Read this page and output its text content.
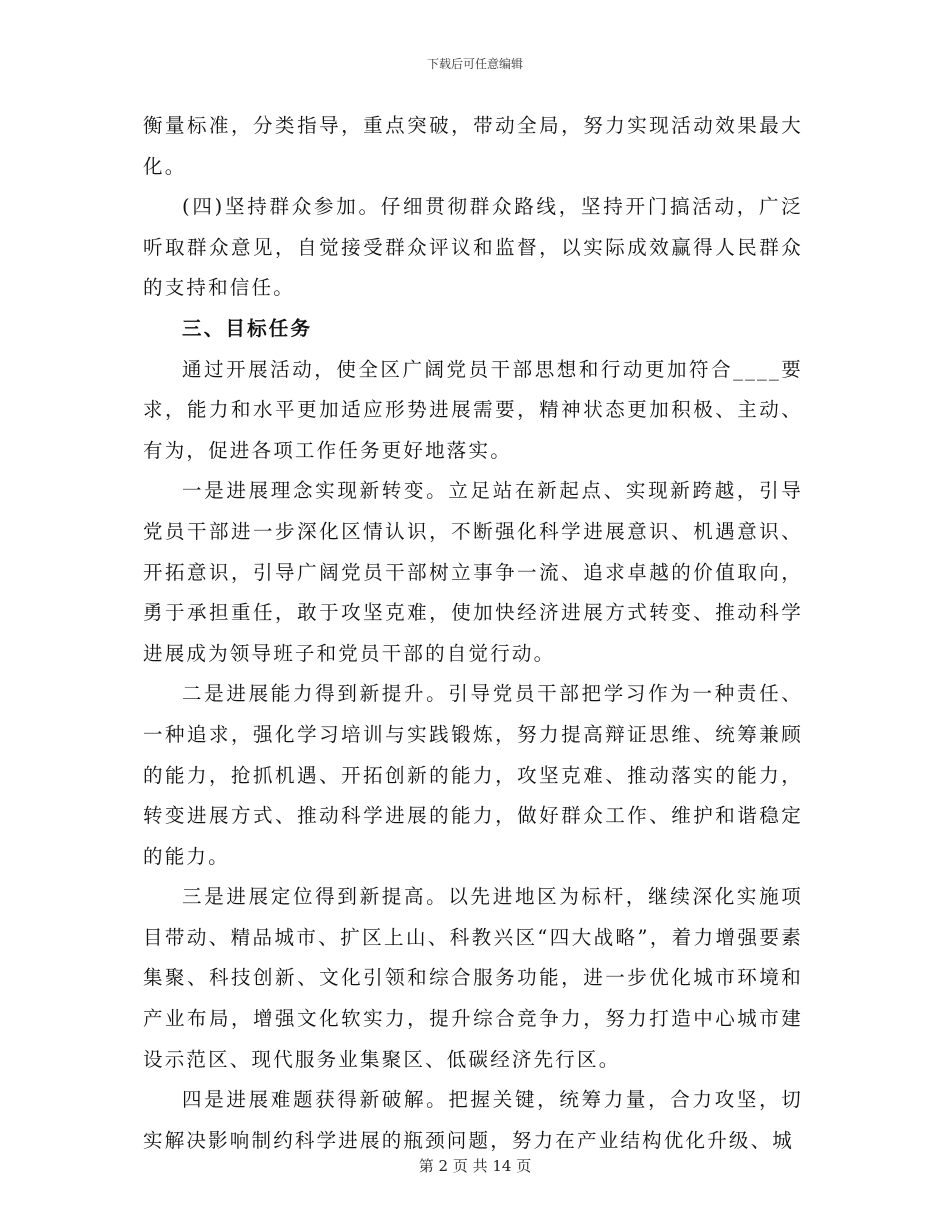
下载后可任意编辑

衡量标准，分类指导，重点突破，带动全局，努力实现活动效果最大化。

(四)坚持群众参加。仔细贯彻群众路线，坚持开门搞活动，广泛听取群众意见，自觉接受群众评议和监督，以实际成效赢得人民群众的支持和信任。

三、目标任务

通过开展活动，使全区广阔党员干部思想和行动更加符合____要求，能力和水平更加适应形势进展需要，精神状态更加积极、主动、有为，促进各项工作任务更好地落实。

一是进展理念实现新转变。立足站在新起点、实现新跨越，引导党员干部进一步深化区情认识，不断强化科学进展意识、机遇意识、开拓意识，引导广阔党员干部树立事争一流、追求卓越的价值取向，勇于承担重任，敢于攻坚克难，使加快经济进展方式转变、推动科学进展成为领导班子和党员干部的自觉行动。

二是进展能力得到新提升。引导党员干部把学习作为一种责任、一种追求，强化学习培训与实践锻炼，努力提高辩证思维、统筹兼顾的能力，抢抓机遇、开拓创新的能力，攻坚克难、推动落实的能力，转变进展方式、推动科学进展的能力，做好群众工作、维护和谐稳定的能力。

三是进展定位得到新提高。以先进地区为标杆，继续深化实施项目带动、精品城市、扩区上山、科教兴区“四大战略”，着力增强要素集聚、科技创新、文化引领和综合服务功能，进一步优化城市环境和产业布局，增强文化软实力，提升综合竞争力，努力打造中心城市建设示范区、现代服务业集聚区、低碳经济先行区。

四是进展难题获得新破解。把握关键，统筹力量，合力攻坚，切实解决影响制约科学进展的瓶颈问题，努力在产业结构优化升级、城

第 2 页 共 14 页
